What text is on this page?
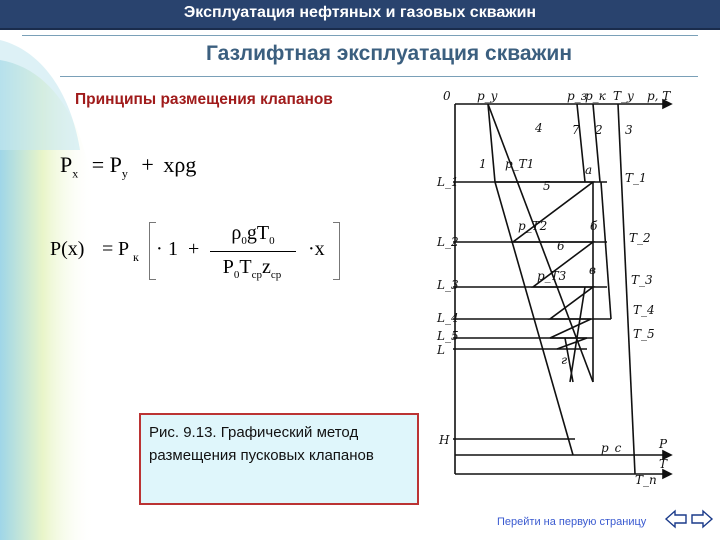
Эксплуатация нефтяных и газовых скважин
Газлифтная эксплуатация скважин
Принципы размещения клапанов
$P_x = P_y + x\rho g$
P(x) = P к · 1 +
$\rho_0gT_0$
$P_0T_{ср}z_{ср}$
·x
Рис. 9.13. Графический метод размещения пусковых клапанов
0 p_y	p_з
p_к T_y p, T
4 7 2 3
1 p_T1	а
5
p_T2	б
6
p_T3 в
г
L_1
L_2
L_3
L_4
L_5
L
H
T_1
T_2
T_3
T_4
T_5
p_c
T_п
P
T
Перейти на первую страницу
